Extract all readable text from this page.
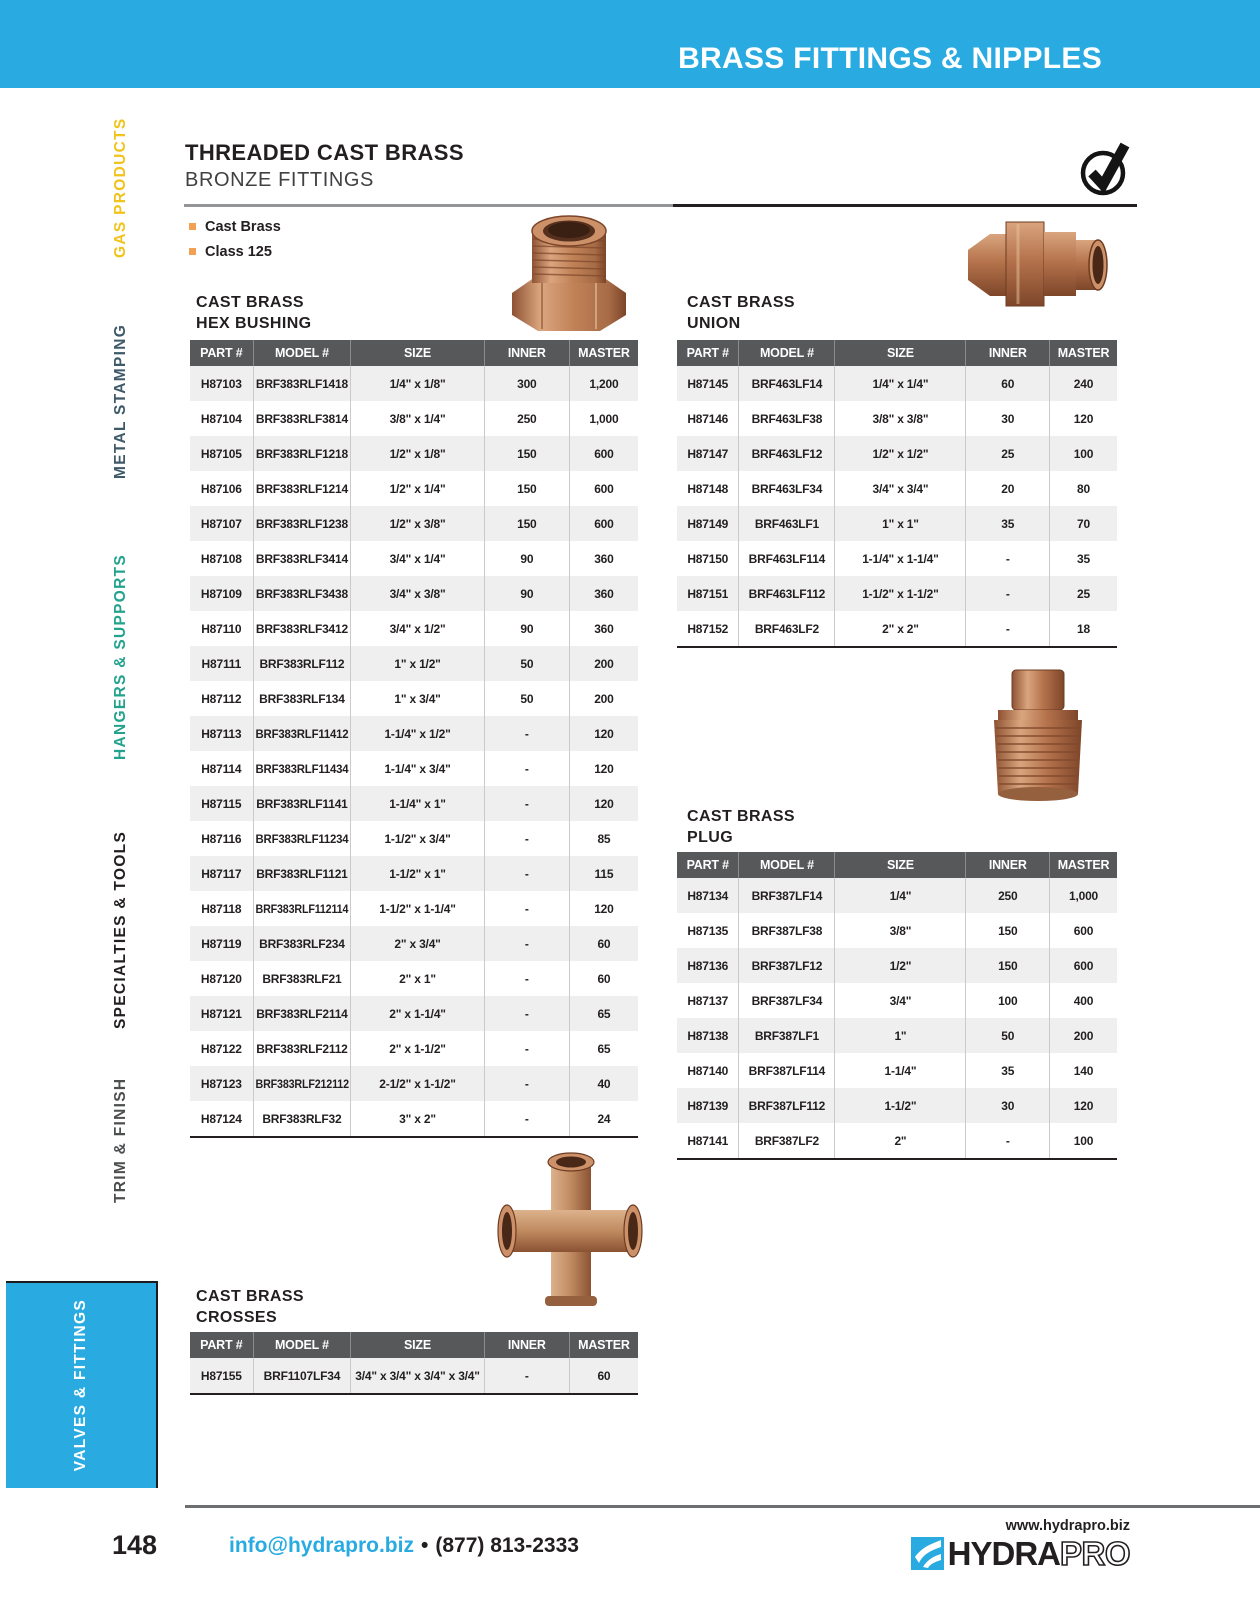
BRASS FITTINGS & NIPPLES
GAS PRODUCTS
METAL STAMPING
HANGERS & SUPPORTS
SPECIALTIES & TOOLS
TRIM & FINISH
VALVES & FITTINGS
THREADED CAST BRASS
BRONZE FITTINGS
Cast Brass
Class 125
CAST BRASS
HEX BUSHING
PART #	MODEL #	SIZE	INNER	MASTER
H87103 BRF383RLF1418	1/4" x 1/8"	300	1,200
H87104 BRF383RLF3814	3/8" x 1/4"	250	1,000
H87105 BRF383RLF1218	1/2" x 1/8"	150	600
H87106 BRF383RLF1214	1/2" x 1/4"	150	600
H87107 BRF383RLF1238	1/2" x 3/8"	150	600
H87108 BRF383RLF3414	3/4" x 1/4"	90	360
H87109 BRF383RLF3438	3/4" x 3/8"	90	360
H87110 BRF383RLF3412	3/4" x 1/2"	90	360
H87111 BRF383RLF112	1" x 1/2"	50	200
H87112 BRF383RLF134	1" x 3/4"	50	200
H87113 BRF383RLF11412	1-1/4" x 1/2"	-	120
H87114 BRF383RLF11434	1-1/4" x 3/4"	-	120
H87115 BRF383RLF1141	1-1/4" x 1"	-	120
H87116 BRF383RLF11234	1-1/2" x 3/4"	-	85
H87117 BRF383RLF1121	1-1/2" x 1"	-	115
H87118 BRF383RLF112114	1-1/2" x 1-1/4"	-	120
H87119 BRF383RLF234	2" x 3/4"	-	60
H87120 BRF383RLF21	2" x 1"	-	60
H87121 BRF383RLF2114	2" x 1-1/4"	-	65
H87122 BRF383RLF2112	2" x 1-1/2"	-	65
H87123 BRF383RLF212112	2-1/2" x 1-1/2"	-	40
H87124 BRF383RLF32	3" x 2"	-	24
CAST BRASS
UNION
PART # MODEL #	SIZE	INNER MASTER
H87145 BRF463LF14	1/4" x 1/4"	60	240
H87146 BRF463LF38	3/8" x 3/8"	30	120
H87147 BRF463LF12	1/2" x 1/2"	25	100
H87148 BRF463LF34	3/4" x 3/4"	20	80
H87149 BRF463LF1	1" x 1"	35	70
H87150 BRF463LF114	1-1/4" x 1-1/4"	-	35
H87151 BRF463LF112	1-1/2" x 1-1/2"	-	25
H87152 BRF463LF2	2" x 2"	-	18
CAST BRASS
PLUG
PART # MODEL #	SIZE	INNER MASTER
H87134 BRF387LF14	1/4"	250	1,000
H87135 BRF387LF38	3/8"	150	600
H87136 BRF387LF12	1/2"	150	600
H87137 BRF387LF34	3/4"	100	400
H87138 BRF387LF1	1"	50	200
H87140 BRF387LF114	1-1/4"	35	140
H87139 BRF387LF112	1-1/2"	30	120
H87141 BRF387LF2	2"	-	100
CAST BRASS
CROSSES
PART #	MODEL #	SIZE	INNER	MASTER
H87155 BRF1107LF34 3/4" x 3/4" x 3/4" x 3/4"	-	60
148	info@hydrapro.biz • (877) 813-2333
www.hydrapro.biz
HYDRA PRO
